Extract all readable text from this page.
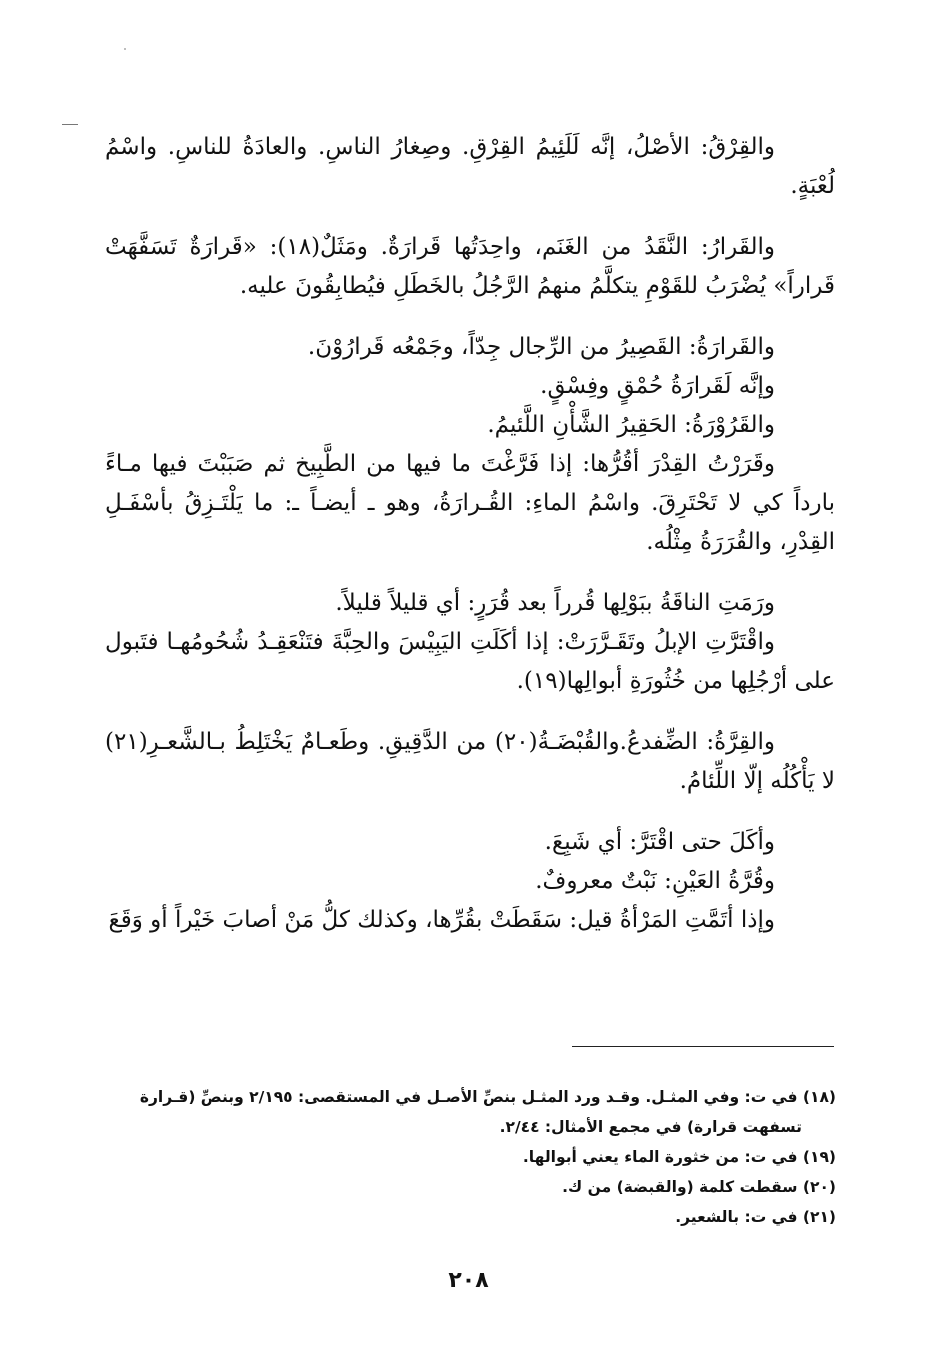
والقِرْقُ: الأصْلُ، إنَّه لَلَئِيمُ القِرْقِ. وصِغارُ الناسِ. والعادَةُ للناسِ. واسْمُ لُعْبَةٍ.

والقَرارُ: النَّقَدُ من الغَنَم، واحِدَتُها قَرارَةٌ. ومَثَلٌ(١٨): «قَرارَةٌ تَسَفَّهَتْ قَراراً» يُضْرَبُ للقَوْمِ يتكلَّمُ منهمُ الرَّجُلُ بالخَطَلِ فيُطابِقُونَ عليه.

والقَرارَةُ: القَصِيرُ من الرِّجال جِدّاً، وجَمْعُه قَرارُوْنَ.

وإنَّه لَقَرارَةُ حُمْقٍ وفِسْقٍ.

والقَرُوْرَةُ: الحَقِيرُ الشَّأْنِ اللَّئيمُ.

وقَرَرْتُ القِدْرَ أقُرُّها: إذا فَرَّغْتَ ما فيها من الطَّبِيخ ثم صَبَبْتَ فيها مـاءً بارداً كي لا تَحْتَرِقَ. واسْمُ الماءِ: القُـرارَةُ، وهو ـ أيضـاً ـ: ما يَلْتَـزِقُ بأسْفَـلِ القِدْرِ، والقُرَرَةُ مِثْلُه.

ورَمَتِ الناقَةُ ببَوْلِها قُرراً بعد قُرَرٍ: أي قليلاً قليلاً.

واقْتَرَّتِ الإبلُ وتَقَـرَّرَتْ: إذا أكَلَتِ اليَبِيْسَ والحِبَّةَ فتَنْعَقِـدُ شُحُومُهـا فتَبول على أرْجُلِها من خُثُورَةِ أبوالِها(١٩).

والقِرَّةُ: الضِّفدعُ.والقُبْضَـةُ(٢٠) من الدَّقِيقِ. وطَعـامٌ يَخْتَلِطُ بـالشَّعـرِ(٢١) لا يَأْكُلُه إلّا اللِّئامُ.

وأكَلَ حتى اقْتَرَّ: أي شَبِعَ.

وقُرَّةُ العَيْنِ: نَبْتٌ معروفٌ.

وإذا أتَمَّتِ المَرْأةُ قيل: سَقَطَتْ بقُرِّها، وكذلك كلُّ مَنْ أصابَ خَيْراً أو وَقَعَ

(١٨) في ت: وفي المثـل. وقـد ورد المثـل بنصِّ الأصـل في المستقصى: ٢/١٩٥ وبنصِّ (قـرارة
تسفهت قرارة) في مجمع الأمثال: ٢/٤٤.

(١٩) في ت: من خثورة الماء يعني أبوالها.

(٢٠) سقطت كلمة (والقبضة) من ك.

(٢١) في ت: بالشعير.

٢٠٨
